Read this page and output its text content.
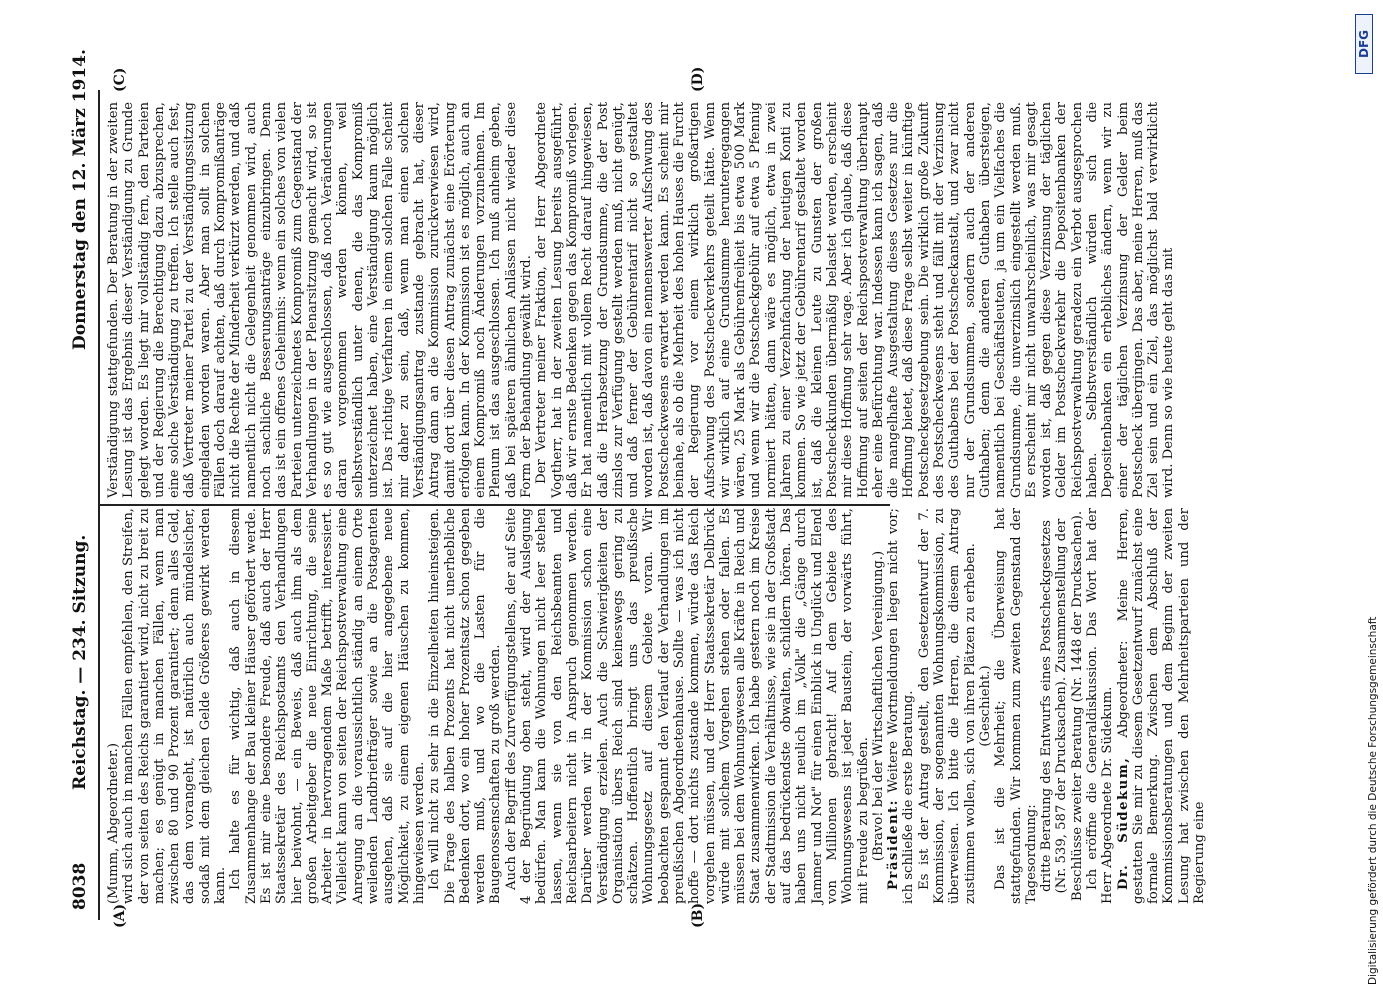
8038
Reichstag. — 234. Sitzung.
Donnerstag den 12. März 1914.
(A)	(B)
(C)	(D)

(Mumm, Abgeordneter.) wird sich auch in manchen Fällen empfehlen, den Streifen, der von seiten des Reichs garantiert wird, nicht zu breit zu machen; es genügt in manchen Fällen, wenn man zwischen 80 und 90 Prozent garantiert; denn alles Geld, das dem vorangeht, ist natürlich auch mündelsicher, sodaß mit dem gleichen Gelde Größeres gewirkt werden kann. Ich halte es für wichtig, daß auch in diesem Zusammenhange der Bau kleiner Häuser gefördert werde. Es ist mir eine besondere Freude, daß auch der Herr Staatssekretär des Reichspostamts den Verhandlungen hier beiwohnt, — ein Beweis, daß auch ihm als dem großen Arbeitgeber die neue Einrichtung, die seine Arbeiter in hervorragendem Maße betrifft, interessiert. Vielleicht kann von seiten der Reichspostverwaltung eine Anregung an die voraussichtlich ständig an einem Orte weilenden Landbriefträger sowie an die Postagenten ausgehen, daß sie auf die hier angegebene neue Möglichkeit, zu einem eigenen Häuschen zu kommen, hingewiesen werden. Ich will nicht zu sehr in die Einzelheiten hineinsteigen. Die Frage des halben Prozents hat nicht unerhebliche Bedenken dort, wo ein hoher Prozentsatz schon gegeben werden muß, und wo die Lasten für die Baugenossenschaften zu groß werden. Auch der Begriff des Zurverfügungstellens, der auf Seite 4 der Begründung oben steht, wird der Auslegung bedürfen. Man kann die Wohnungen nicht leer stehen lassen, wenn sie von den Reichsbeamten und Reichsarbeitern nicht in Anspruch genommen werden. Darüber werden wir in der Kommission schon eine Verständigung erzielen. Auch die Schwierigkeiten der Organisation übers Reich sind keineswegs gering zu schätzen. Hoffentlich bringt uns das preußische Wohnungsgesetz auf diesem Gebiete voran. Wir beobachten gespannt den Verlauf der Verhandlungen im preußischen Abgeordnetenhause. Sollte — was ich nicht hoffe — dort nichts zustande kommen, würde das Reich vorgehen müssen, und der Herr Staatssekretär Delbrück würde mit solchem Vorgehen stehen oder fallen. Es müssen bei dem Wohnungswesen alle Kräfte in Reich und Staat zusammenwirken. Ich habe gestern noch im Kreise der Stadtmission die Verhältnisse, wie sie in der Großstadt auf das bedrückendste obwalten, schildern hören. Das haben uns nicht neulich im „Volk" die „Gänge durch Jammer und Not" für einen Einblick in Unglück und Elend von Millionen gebracht! Auf dem Gebiete des Wohnungswesens ist jeder Baustein, der vorwärts führt, mit Freude zu begrüßen. (Bravo! bei der Wirtschaftlichen Vereinigung.) Präsident: Weitere Wortmeldungen liegen nicht vor; ich schließe die erste Beratung. Es ist der Antrag gestellt, den Gesetzentwurf der 7. Kommission, der sogenannten Wohnungskommission, zu überweisen. Ich bitte die Herren, die diesem Antrag zustimmen wollen, sich von ihren Plätzen zu erheben. (Geschieht.) Das ist die Mehrheit; die Überweisung hat stattgefunden. Wir kommen zum zweiten Gegenstand der Tagesordnung: dritte Beratung des Entwurfs eines Postscheckgesetzes (Nr. 539, 587 der Drucksachen). Zusammenstellung der Beschlüsse zweiter Beratung (Nr. 1448 der Drucksachen). Ich eröffne die Generaldiskussion. Das Wort hat der Herr Abgeordnete Dr. Südekum. Dr. Südekum, Abgeordneter: Meine Herren, gestatten Sie mir zu diesem Gesetzentwurf zunächst eine formale Bemerkung. Zwischen dem Abschluß der Kommissionsberatungen und dem Beginn der zweiten Lesung hat zwischen den Mehrheitsparteien und der Regierung eine

Verständigung stattgefunden. Der Beratung in der zweiten Lesung ist das Ergebnis dieser Verständigung zu Grunde gelegt worden. Es liegt mir vollständig fern, den Parteien und der Regierung die Berechtigung dazu abzusprechen, eine solche Verständigung zu treffen. Ich stelle auch fest, daß Vertreter meiner Partei zu der Verständigungssitzung eingeladen worden waren. Aber man sollt in solchen Fällen doch darauf achten, daß durch Kompromißanträge nicht die Rechte der Minderheit verkürzt werden, und daß namentlich nicht die Gelegenheit genommen wird, auch noch sachliche Besserungsanträge einzubringen. Denn das ist ein offenes Geheimnis: wenn ein solches von vielen Parteien unterzeichnetes Kompromiß zum Gegenstand der Verhandlungen in der Plenarsitzung gemacht wird, so ist es so gut wie ausgeschlossen, daß noch Veränderungen daran vorgenommen werden können, weil selbstverständlich unter denen, die das Kompromiß unterzeichnet haben, eine Verständigung kaum möglich ist. Das richtige Verfahren in einem solchen Falle scheint mir daher zu sein, daß, wenn man einen solchen Verständigungsantrag zustande gebracht hat, dieser Antrag dann an die Kommission zurückverwiesen wird, damit dort über diesen Antrag zunächst eine Erörterung erfolgen kann. In der Kommission ist es möglich, auch an einem Kompromiß noch Änderungen vorzunehmen. Im Plenum ist das ausgeschlossen. Ich muß anheim geben, daß bei späteren ähnlichen Anlässen nicht wieder diese Form der Behandlung gewählt wird. Der Vertreter meiner Fraktion, der Herr Abgeordnete Vogtherr, hat in der zweiten Lesung bereits ausgeführt, daß wir ernste Bedenken gegen das Kompromiß vorlegen. Er hat namentlich mit vollem Recht darauf hingewiesen, daß die Herabsetzung der Grundsumme, die der Post zinslos zur Verfügung gestellt werden muß, nicht genügt, und daß ferner der Gebührentarif nicht so gestaltet worden ist, daß davon ein nennenswerter Aufschwung des Postscheckwesens erwartet werden kann. Es scheint mir beinahe, als ob die Mehrheit des hohen Hauses die Furcht der Regierung vor einem wirklich großartigen Aufschwung des Postscheckverkehrs geteilt hätte. Wenn wir wirklich auf eine Grundsumme heruntergegangen wären, 25 Mark als Gebührenfreiheit bis etwa 500 Mark und wenn wir die Postscheckgebühr auf etwa 5 Pfennig normiert hätten, dann wäre es möglich, etwa in zwei Jahren zu einer Verzehnfachung der heutigen Konti zu kommen. So wie jetzt der Gebührentarif gestaltet worden ist, daß die kleinen Leute zu Gunsten der großen Postscheckkunden übermäßig belastet werden, erscheint mir diese Hoffnung sehr vage. Aber ich glaube, daß diese Hoffnung auf seiten der Reichspostverwaltung überhaupt eher eine Befürchtung war. Indessen kann ich sagen, daß die mangelhafte Ausgestaltung dieses Gesetzes nur die Hoffnung bietet, daß diese Frage selbst weiter in künftige Postscheckgesetzgebung sein. Die wirklich große Zukunft des Postscheckwesens steht und fällt mit der Verzinsung des Guthabens bei der Postscheckanstalt, und zwar nicht nur der Grundsummen, sondern auch der anderen Guthaben; denn die anderen Guthaben übersteigen, namentlich bei Geschäftsleuten, ja um ein Vielfaches die Grundsumme, die unverzinslich eingestellt werden muß. Es erscheint mir nicht unwahrscheinlich, was mir gesagt worden ist, daß gegen diese Verzinsung der täglichen Gelder im Postscheckverkehr die Depositenbanken der Reichspostverwaltung geradezu ein Verbot ausgesprochen haben. Selbstverständlich würden sich die Depositenbanken ein erhebliches ändern, wenn wir zu einer der täglichen Verzinsung der Gelder beim Postscheck übergingen. Das aber, meine Herren, muß das Ziel sein und ein Ziel, das möglichst bald verwirklicht wird. Denn so wie heute geht das mit

Digitalisierung gefördert durch die Deutsche Forschungsgemeinschaft
DFG
